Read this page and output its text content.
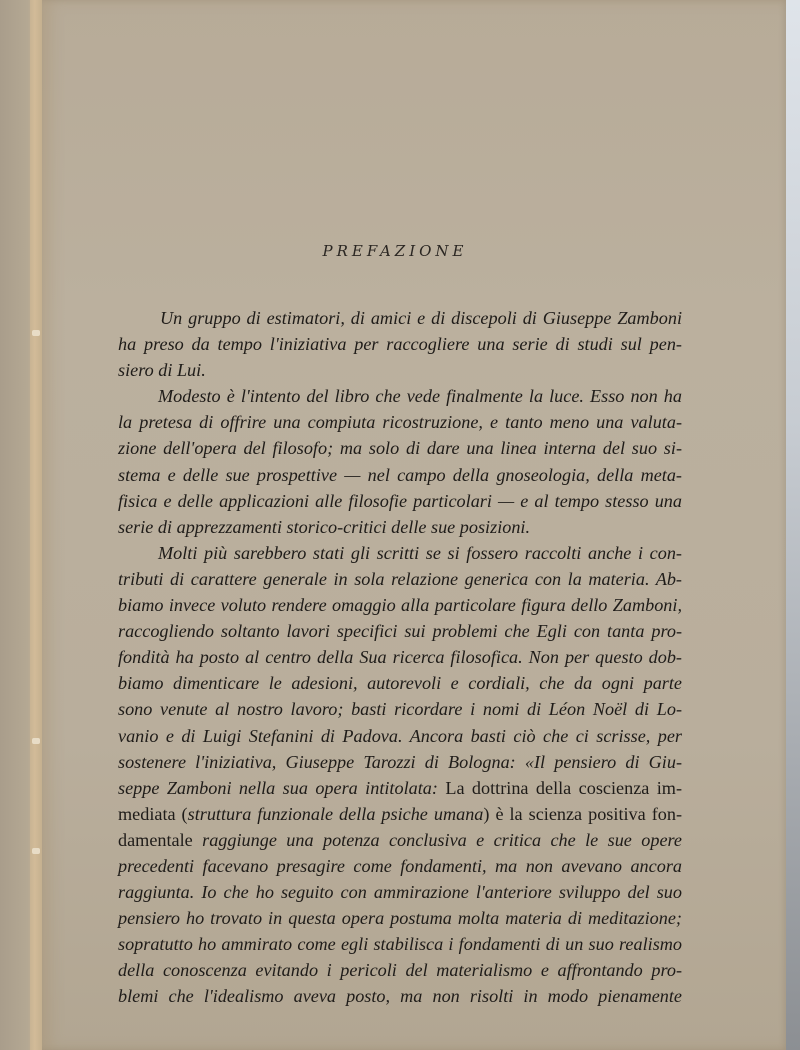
PREFAZIONE
Un gruppo di estimatori, di amici e di discepoli di Giuseppe Zamboni
ha preso da tempo l'iniziativa per raccogliere una serie di studi sul pen-
siero di Lui.
Modesto è l'intento del libro che vede finalmente la luce. Esso non ha
la pretesa di offrire una compiuta ricostruzione, e tanto meno una valuta-
zione dell'opera del filosofo; ma solo di dare una linea interna del suo si-
stema e delle sue prospettive — nel campo della gnoseologia, della meta-
fisica e delle applicazioni alle filosofie particolari — e al tempo stesso una
serie di apprezzamenti storico-critici delle sue posizioni.
Molti più sarebbero stati gli scritti se si fossero raccolti anche i con-
tributi di carattere generale in sola relazione generica con la materia. Ab-
biamo invece voluto rendere omaggio alla particolare figura dello Zamboni,
raccogliendo soltanto lavori specifici sui problemi che Egli con tanta pro-
fondità ha posto al centro della Sua ricerca filosofica. Non per questo dob-
biamo dimenticare le adesioni, autorevoli e cordiali, che da ogni parte
sono venute al nostro lavoro; basti ricordare i nomi di Léon Noël di Lo-
vanio e di Luigi Stefanini di Padova. Ancora basti ciò che ci scrisse, per
sostenere l'iniziativa, Giuseppe Tarozzi di Bologna: «Il pensiero di Giu-
seppe Zamboni nella sua opera intitolata: La dottrina della coscienza im-
mediata (struttura funzionale della psiche umana) è la scienza positiva fon-
damentale raggiunge una potenza conclusiva e critica che le sue opere
precedenti facevano presagire come fondamenti, ma non avevano ancora
raggiunta. Io che ho seguito con ammirazione l'anteriore sviluppo del suo
pensiero ho trovato in questa opera postuma molta materia di meditazione;
sopratutto ho ammirato come egli stabilisca i fondamenti di un suo realismo
della conoscenza evitando i pericoli del materialismo e affrontando pro-
blemi che l'idealismo aveva posto, ma non risolti in modo pienamente
